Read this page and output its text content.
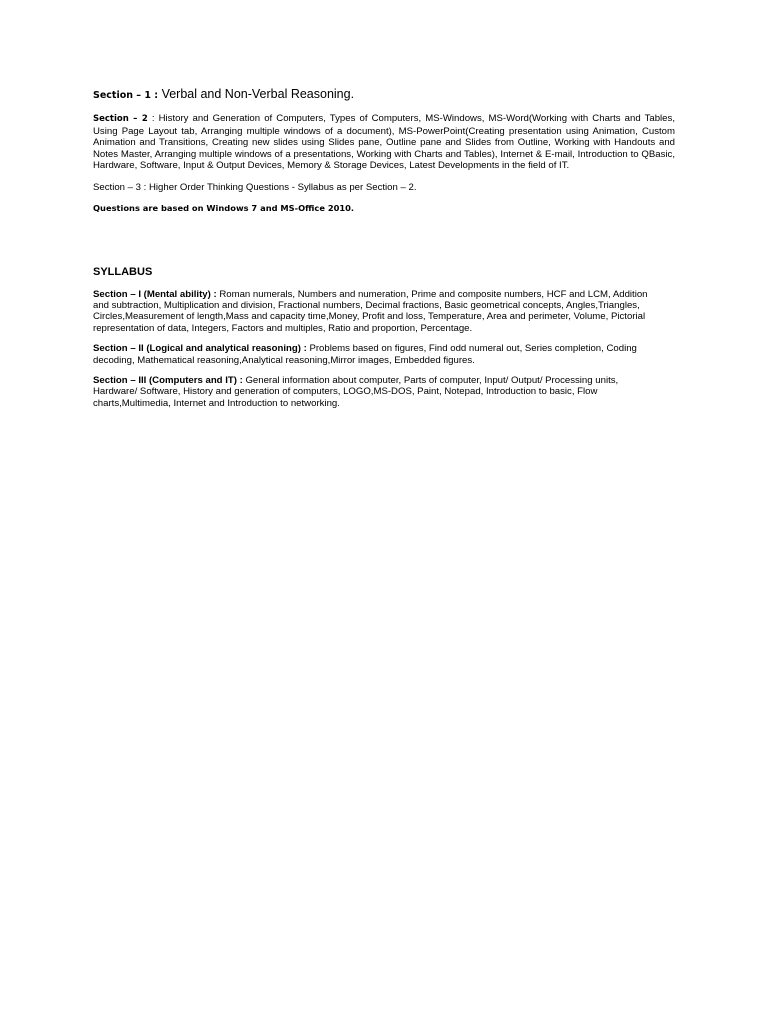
Section – 1 : Verbal and Non-Verbal Reasoning.

Section – 2 : History and Generation of Computers, Types of Computers, MS-Windows, MS-Word(Working with Charts and Tables, Using Page Layout tab, Arranging multiple windows of a document), MS-PowerPoint(Creating presentation using Animation, Custom Animation and Transitions, Creating new slides using Slides pane, Outline pane and Slides from Outline, Working with Handouts and Notes Master, Arranging multiple windows of a presentations, Working with Charts and Tables), Internet & E-mail, Introduction to QBasic, Hardware, Software, Input & Output Devices, Memory & Storage Devices, Latest Developments in the field of IT.

Section – 3 : Higher Order Thinking Questions - Syllabus as per Section – 2.

Questions are based on Windows 7 and MS-Office 2010.

SYLLABUS

Section – I (Mental ability) : Roman numerals, Numbers and numeration, Prime and composite numbers, HCF and LCM, Addition and subtraction, Multiplication and division, Fractional numbers, Decimal fractions, Basic geometrical concepts, Angles,Triangles, Circles,Measurement of length,Mass and capacity time,Money, Profit and loss, Temperature, Area and perimeter, Volume, Pictorial representation of data, Integers, Factors and multiples, Ratio and proportion, Percentage.

Section – II (Logical and analytical reasoning) : Problems based on figures, Find odd numeral out, Series completion, Coding decoding, Mathematical reasoning,Analytical reasoning,Mirror images, Embedded figures.

Section – III (Computers and IT) : General information about computer, Parts of computer, Input/ Output/ Processing units, Hardware/ Software, History and generation of computers, LOGO,MS-DOS, Paint, Notepad, Introduction to basic, Flow charts,Multimedia, Internet and Introduction to networking.
